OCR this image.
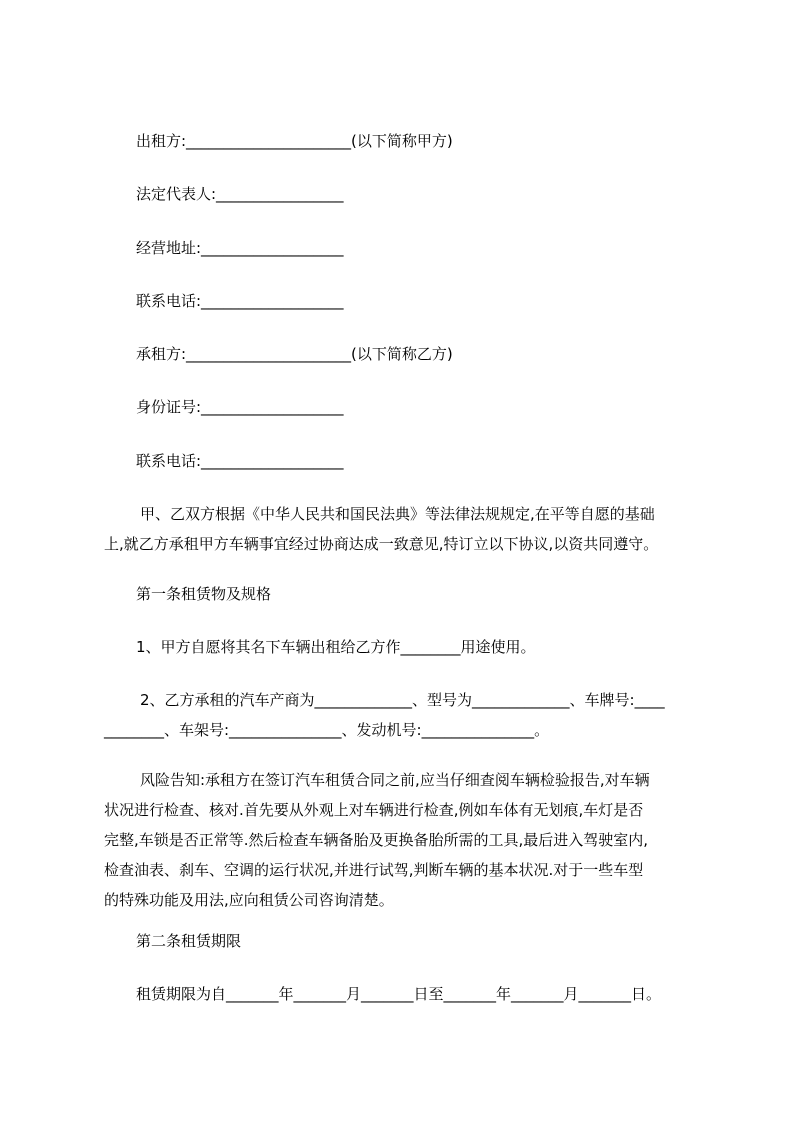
出租方:______________________(以下简称甲方)

法定代表人:_________________

经营地址:___________________

联系电话:___________________

承租方:______________________(以下简称乙方)

身份证号:___________________

联系电话:___________________

甲、乙双方根据《中华人民共和国民法典》等法律法规规定,在平等自愿的基础

上,就乙方承租甲方车辆事宜经过协商达成一致意见,特订立以下协议,以资共同遵守。

第一条租赁物及规格

1、甲方自愿将其名下车辆出租给乙方作________用途使用。

2、乙方承租的汽车产商为_____________、型号为_____________、车牌号:____

________、车架号:_______________、发动机号:_______________。

风险告知:承租方在签订汽车租赁合同之前,应当仔细查阅车辆检验报告,对车辆

状况进行检查、核对.首先要从外观上对车辆进行检查,例如车体有无划痕,车灯是否

完整,车锁是否正常等.然后检查车辆备胎及更换备胎所需的工具,最后进入驾驶室内,

检查油表、刹车、空调的运行状况,并进行试驾,判断车辆的基本状况.对于一些车型

的特殊功能及用法,应向租赁公司咨询清楚。

第二条租赁期限

租赁期限为自_______年_______月_______日至_______年_______月_______日。
